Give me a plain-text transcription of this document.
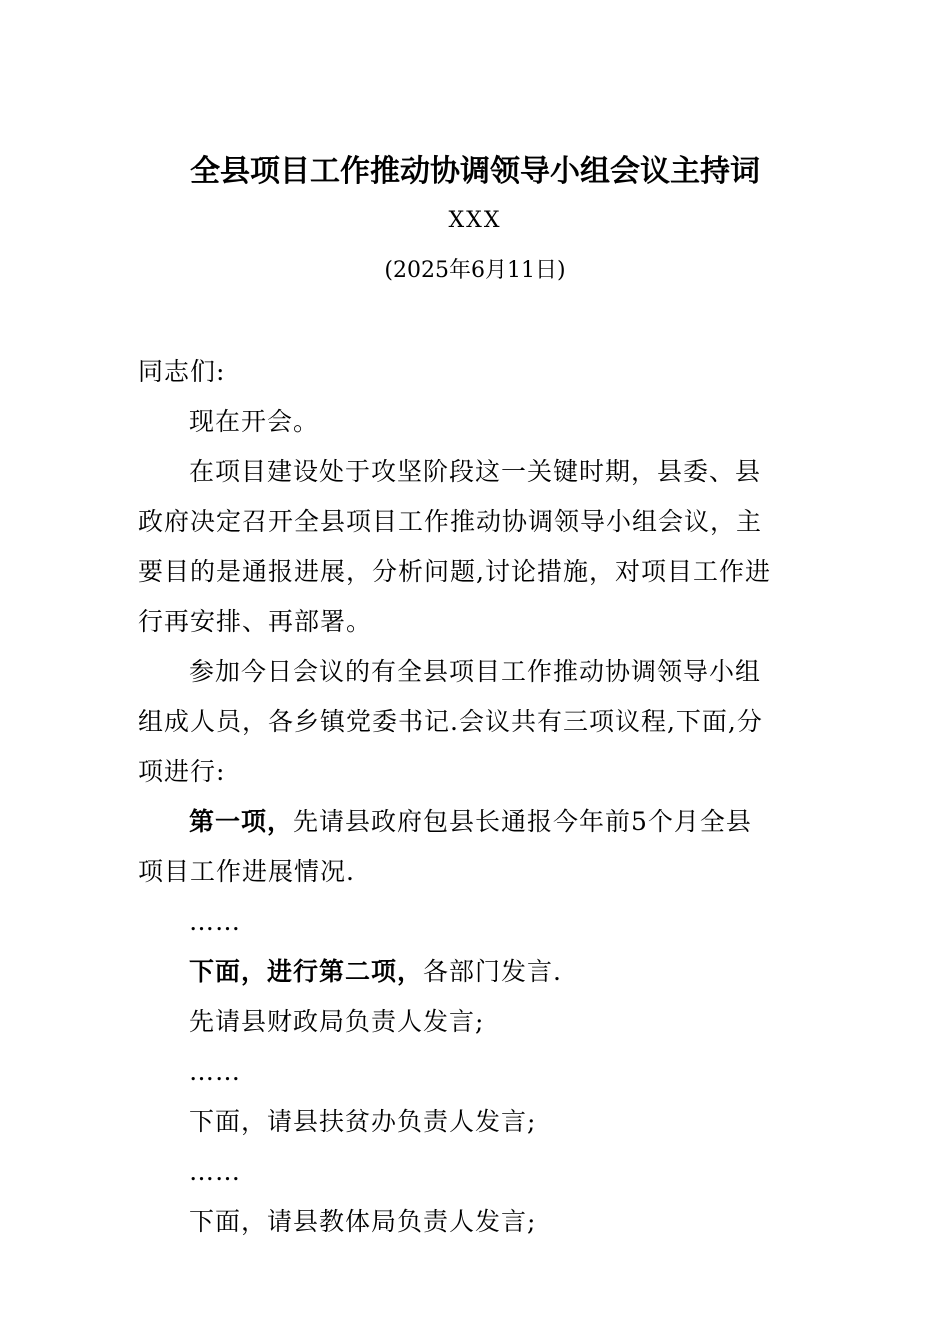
全县项目工作推动协调领导小组会议主持词
XXX
(2025年6月11日)

同志们:

现在开会。

在项目建设处于攻坚阶段这一关键时期，县委、县政府决定召开全县项目工作推动协调领导小组会议，主要目的是通报进展，分析问题,讨论措施，对项目工作进行再安排、再部署。

参加今日会议的有全县项目工作推动协调领导小组组成人员，各乡镇党委书记.会议共有三项议程,下面,分项进行:

第一项，先请县政府包县长通报今年前5个月全县项目工作进展情况.

……

下面，进行第二项，各部门发言.

先请县财政局负责人发言;

……

下面，请县扶贫办负责人发言;

……

下面，请县教体局负责人发言;
